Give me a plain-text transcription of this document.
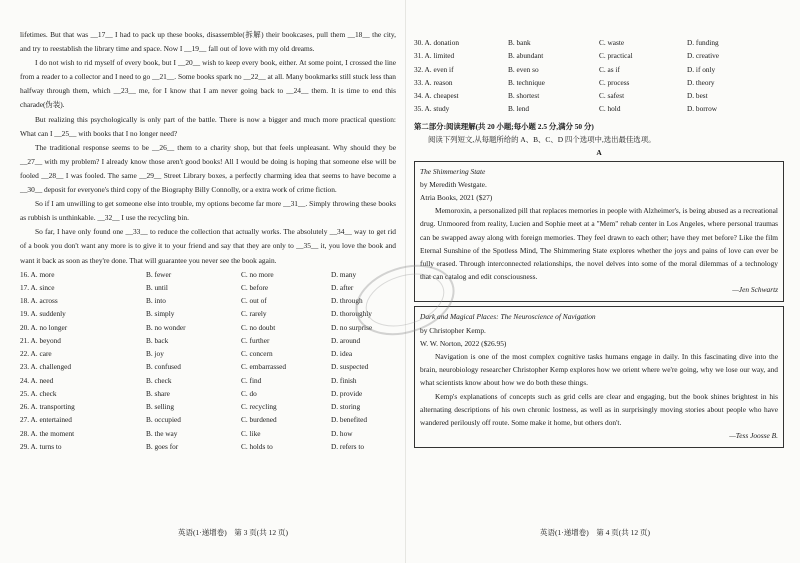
lifetimes. But that was __17__ I had to pack up these books, disassemble(拆解) their bookcases, pull them __18__ the city, and try to reestablish the library time and space. Now I __19__ fall out of love with my old dreams.

I do not wish to rid myself of every book, but I __20__ wish to keep every book, either. At some point, I crossed the line from a reader to a collector and I need to go __21__. Some books spark no __22__ at all. Many bookmarks still stuck less than halfway through them, which __23__ me, for I know that I am never going back to __24__ them. It is time to end this charade(伪装).

But realizing this psychologically is only part of the battle. There is now a bigger and much more practical question: What can I __25__ with books that I no longer need?

The traditional response seems to be __26__ them to a charity shop, but that feels unpleasant. Why should they be __27__ with my problem? I already know those aren't good books! All I would be doing is hoping that someone else will be fooled __28__ I was fooled. The same __29__ Street Library boxes, a perfectly charming idea that seems to have become a __30__ deposit for everyone's third copy of the Biography Billy Connolly, or a extra work of crime fiction.

So if I am unwilling to get someone else into trouble, my options become far more __31__. Simply throwing these books as rubbish is unthinkable. __32__ I use the recycling bin.

So far, I have only found one __33__ to reduce the collection that actually works. The absolutely __34__ way to get rid of a book you don't want any more is to give it to your friend and say that they are only to __35__ it, you love the book and want it back as soon as they're done. That will guarantee you never see the book again.

16. A. more	B. fewer	C. no more	D. many
17. A. since	B. until	C. before	D. after
18. A. across	B. into	C. out of	D. through
19. A. suddenly	B. simply	C. rarely	D. thoroughly
20. A. no longer	B. no wonder	C. no doubt	D. no surprise
21. A. beyond	B. back	C. further	D. around
22. A. care	B. joy	C. concern	D. idea
23. A. challenged	B. confused	C. embarrassed	D. suspected
24. A. need	B. check	C. find	D. finish
25. A. check	B. share	C. do	D. provide
26. A. transporting	B. selling	C. recycling	D. storing
27. A. entertained	B. occupied	C. burdened	D. benefited
28. A. the moment	B. the way	C. like	D. how
29. A. turns to	B. goes for	C. holds to	D. refers to
英语(1·递增卷)　第 3 页(共 12 页)
30. A. donation	B. bank	C. waste	D. funding
31. A. limited	B. abundant	C. practical	D. creative
32. A. even if	B. even so	C. as if	D. if only
33. A. reason	B. technique	C. process	D. theory
34. A. cheapest	B. shortest	C. safest	D. best
35. A. study	B. lend	C. hold	D. borrow
第二部分:阅读理解(共 20 小题;每小题 2.5 分,满分 50 分)
阅读下列短文,从每题所给的 A、B、C、D 四个选项中,选出最佳选项。
A
The Shimmering State
by Meredith Westgate.
Atria Books, 2021 ($27)

Memoroxin, a personalized pill that replaces memories in people with Alzheimer's, is being abused as a recreational drug. Unmoored from reality, Lucien and Sophie meet at a "Mem" rehab center in Los Angeles, where personal traumas can be swapped away along with foreign memories. They feel drawn to each other; have they met before? Like the film Eternal Sunshine of the Spotless Mind, The Shimmering State explores whether the joys and pains of love can ever be fully erased. Through interconnected relationships, the novel delves into some of the moral dilemmas of a technology that can catalog and edit consciousness.

—Jen Schwartz
Dark and Magical Places: The Neuroscience of Navigation
by Christopher Kemp.
W. W. Norton, 2022 ($26.95)

Navigation is one of the most complex cognitive tasks humans engage in daily. In this fascinating dive into the brain, neurobiology researcher Christopher Kemp explores how we orient where we're going, why we lose our way, and what scientists know about how we do both these things.

Kemp's explanations of concepts such as grid cells are clear and engaging, but the book shines brightest in his alternating descriptions of his own chronic lostness, as well as in surprisingly moving stories about people who have wandered perilously off route. Some make it home, but others don't.

—Tess Joosse B.
英语(1·递增卷)　第 4 页(共 12 页)
